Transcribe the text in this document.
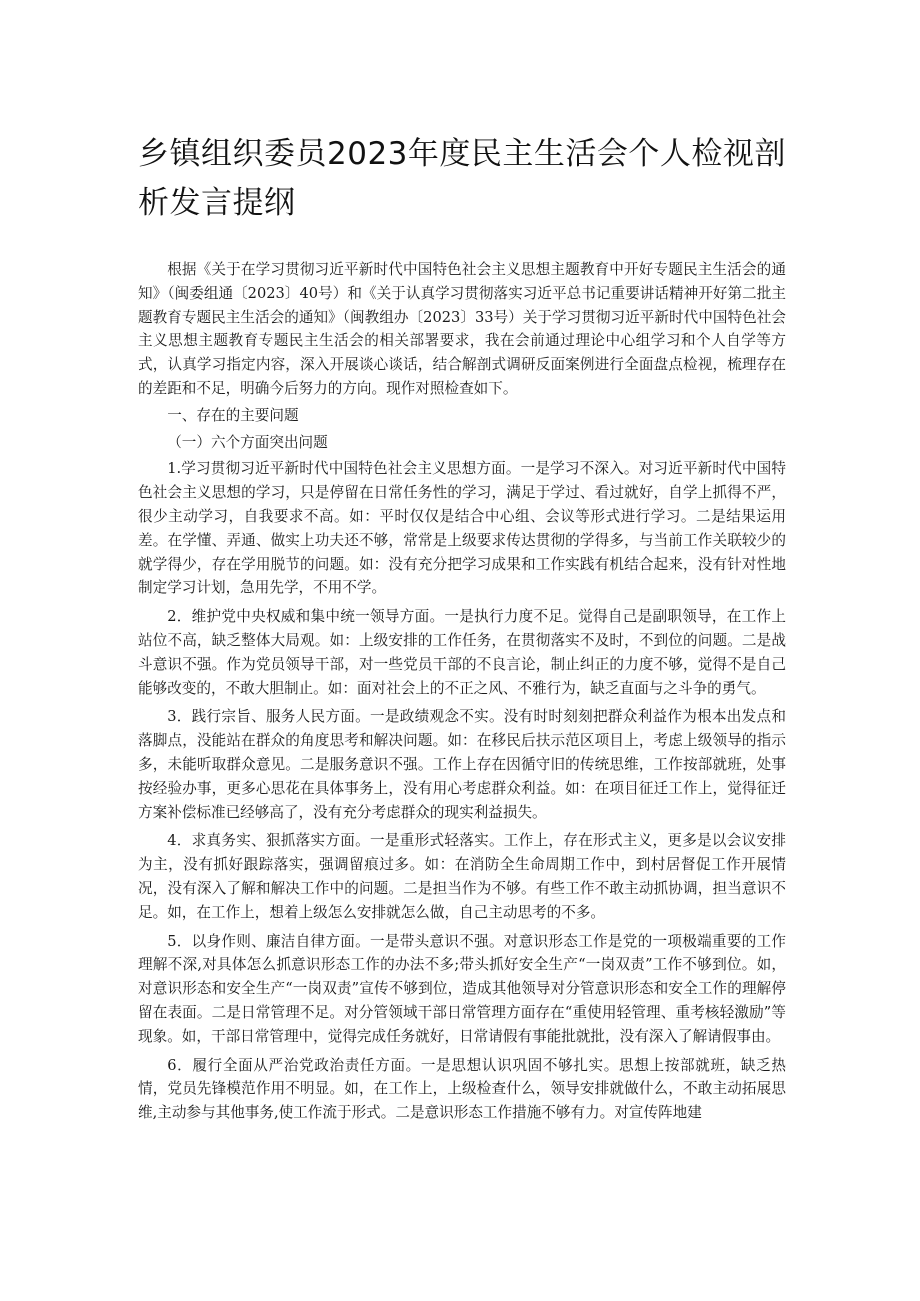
乡镇组织委员2023年度民主生活会个人检视剖析发言提纲

根据《关于在学习贯彻习近平新时代中国特色社会主义思想主题教育中开好专题民主生活会的通知》（闽委组通〔2023〕40号）和《关于认真学习贯彻落实习近平总书记重要讲话精神开好第二批主题教育专题民主生活会的通知》（闽教组办〔2023〕33号）关于学习贯彻习近平新时代中国特色社会主义思想主题教育专题民主生活会的相关部署要求，我在会前通过理论中心组学习和个人自学等方式，认真学习指定内容，深入开展谈心谈话，结合解剖式调研反面案例进行全面盘点检视，梳理存在的差距和不足，明确今后努力的方向。现作对照检查如下。

一、存在的主要问题

（一）六个方面突出问题

1.学习贯彻习近平新时代中国特色社会主义思想方面。一是学习不深入。对习近平新时代中国特色社会主义思想的学习，只是停留在日常任务性的学习，满足于学过、看过就好，自学上抓得不严，很少主动学习，自我要求不高。如：平时仅仅是结合中心组、会议等形式进行学习。二是结果运用差。在学懂、弄通、做实上功夫还不够，常常是上级要求传达贯彻的学得多，与当前工作关联较少的就学得少，存在学用脱节的问题。如：没有充分把学习成果和工作实践有机结合起来，没有针对性地制定学习计划，急用先学，不用不学。

2．维护党中央权威和集中统一领导方面。一是执行力度不足。觉得自己是副职领导，在工作上站位不高，缺乏整体大局观。如：上级安排的工作任务，在贯彻落实不及时，不到位的问题。二是战斗意识不强。作为党员领导干部，对一些党员干部的不良言论，制止纠正的力度不够，觉得不是自己能够改变的，不敢大胆制止。如：面对社会上的不正之风、不雅行为，缺乏直面与之斗争的勇气。

3．践行宗旨、服务人民方面。一是政绩观念不实。没有时时刻刻把群众利益作为根本出发点和落脚点，没能站在群众的角度思考和解决问题。如：在移民后扶示范区项目上，考虑上级领导的指示多，未能听取群众意见。二是服务意识不强。工作上存在因循守旧的传统思维，工作按部就班，处事按经验办事，更多心思花在具体事务上，没有用心考虑群众利益。如：在项目征迁工作上，觉得征迁方案补偿标准已经够高了，没有充分考虑群众的现实利益损失。

4．求真务实、狠抓落实方面。一是重形式轻落实。工作上，存在形式主义，更多是以会议安排为主，没有抓好跟踪落实，强调留痕过多。如：在消防全生命周期工作中，到村居督促工作开展情况，没有深入了解和解决工作中的问题。二是担当作为不够。有些工作不敢主动抓协调，担当意识不足。如，在工作上，想着上级怎么安排就怎么做，自己主动思考的不多。

5．以身作则、廉洁自律方面。一是带头意识不强。对意识形态工作是党的一项极端重要的工作理解不深,对具体怎么抓意识形态工作的办法不多;带头抓好安全生产“一岗双责”工作不够到位。如，对意识形态和安全生产“一岗双责”宣传不够到位，造成其他领导对分管意识形态和安全工作的理解停留在表面。二是日常管理不足。对分管领域干部日常管理方面存在“重使用轻管理、重考核轻激励”等现象。如，干部日常管理中，觉得完成任务就好，日常请假有事能批就批，没有深入了解请假事由。

6．履行全面从严治党政治责任方面。一是思想认识巩固不够扎实。思想上按部就班，缺乏热情，党员先锋模范作用不明显。如，在工作上，上级检查什么，领导安排就做什么，不敢主动拓展思维,主动参与其他事务,使工作流于形式。二是意识形态工作措施不够有力。对宣传阵地建
